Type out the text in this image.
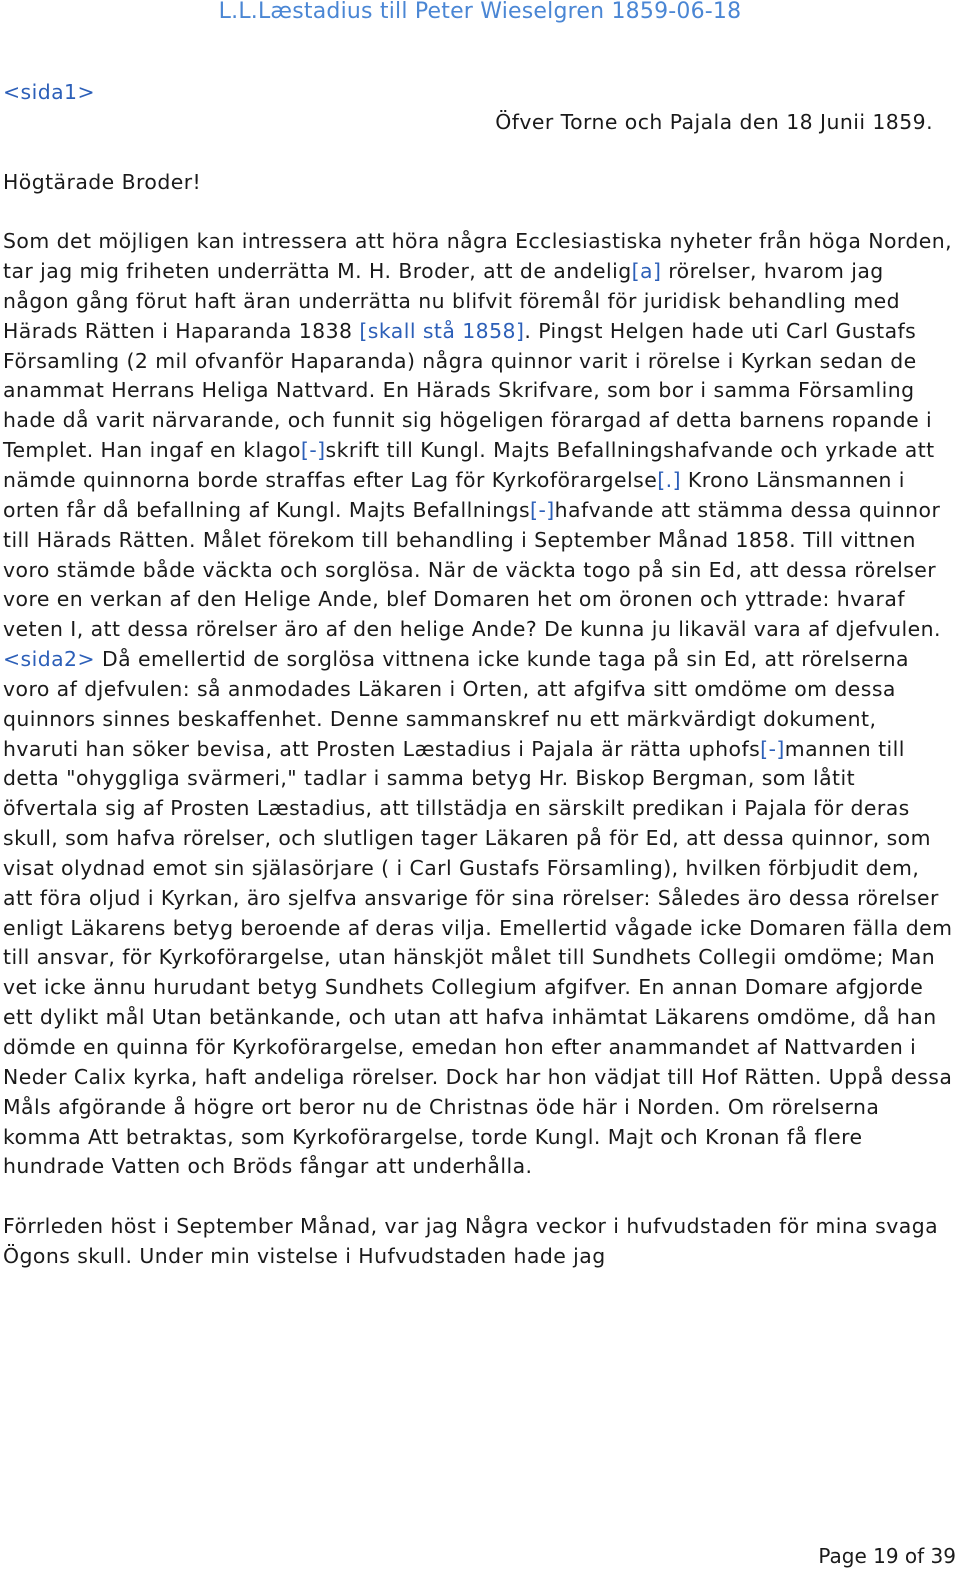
L.L.Læstadius till Peter Wieselgren 1859-06-18

<sida1>

Öfver Torne och Pajala den 18 Junii 1859.

Högtärade Broder!

Som det möjligen kan intressera att höra några Ecclesiastiska nyheter från höga Norden, tar jag mig friheten underrätta M. H. Broder, att de andelig[a] rörelser, hvarom jag någon gång förut haft äran underrätta nu blifvit föremål för juridisk behandling med Härads Rätten i Haparanda 1838 [skall stå 1858]. Pingst Helgen hade uti Carl Gustafs Församling (2 mil ofvanför Haparanda) några quinnor varit i rörelse i Kyrkan sedan de anammat Herrans Heliga Nattvard. En Härads Skrifvare, som bor i samma Församling hade då varit närvarande, och funnit sig högeligen förargad af detta barnens ropande i Templet. Han ingaf en klago[-]skrift till Kungl. Majts Befallningshafvande och yrkade att nämde quinnorna borde straffas efter Lag för Kyrkoförargelse[.] Krono Länsmannen i orten får då befallning af Kungl. Majts Befallnings[-]hafvande att stämma dessa quinnor till Härads Rätten. Målet förekom till behandling i September Månad 1858. Till vittnen voro stämde både väckta och sorglösa. När de väckta togo på sin Ed, att dessa rörelser vore en verkan af den Helige Ande, blef Domaren het om öronen och yttrade: hvaraf veten I, att dessa rörelser äro af den helige Ande? De kunna ju likaväl vara af djefvulen. <sida2> Då emellertid de sorglösa vittnena icke kunde taga på sin Ed, att rörelserna voro af djefvulen: så anmodades Läkaren i Orten, att afgifva sitt omdöme om dessa quinnors sinnes beskaffenhet. Denne sammanskref nu ett märkvärdigt dokument, hvaruti han söker bevisa, att Prosten Læstadius i Pajala är rätta uphofs[-]mannen till detta "ohyggliga svärmeri," tadlar i samma betyg Hr. Biskop Bergman, som låtit öfvertala sig af Prosten Læstadius, att tillstädja en särskilt predikan i Pajala för deras skull, som hafva rörelser, och slutligen tager Läkaren på för Ed, att dessa quinnor, som visat olydnad emot sin själasörjare ( i Carl Gustafs Församling), hvilken förbjudit dem, att föra oljud i Kyrkan, äro sjelfva ansvarige för sina rörelser: Således äro dessa rörelser enligt Läkarens betyg beroende af deras vilja. Emellertid vågade icke Domaren fälla dem till ansvar, för Kyrkoförargelse, utan hänskjöt målet till Sundhets Collegii omdöme; Man vet icke ännu hurudant betyg Sundhets Collegium afgifver. En annan Domare afgjorde ett dylikt mål Utan betänkande, och utan att hafva inhämtat Läkarens omdöme, då han dömde en quinna för Kyrkoförargelse, emedan hon efter anammandet af Nattvarden i Neder Calix kyrka, haft andeliga rörelser. Dock har hon vädjat till Hof Rätten. Uppå dessa Måls afgörande å högre ort beror nu de Christnas öde här i Norden. Om rörelserna komma Att betraktas, som Kyrkoförargelse, torde Kungl. Majt och Kronan få flere hundrade Vatten och Bröds fångar att underhålla.

Förrleden höst i September Månad, var jag Några veckor i hufvudstaden för mina svaga Ögons skull. Under min vistelse i Hufvudstaden hade jag

Page 19 of 39
